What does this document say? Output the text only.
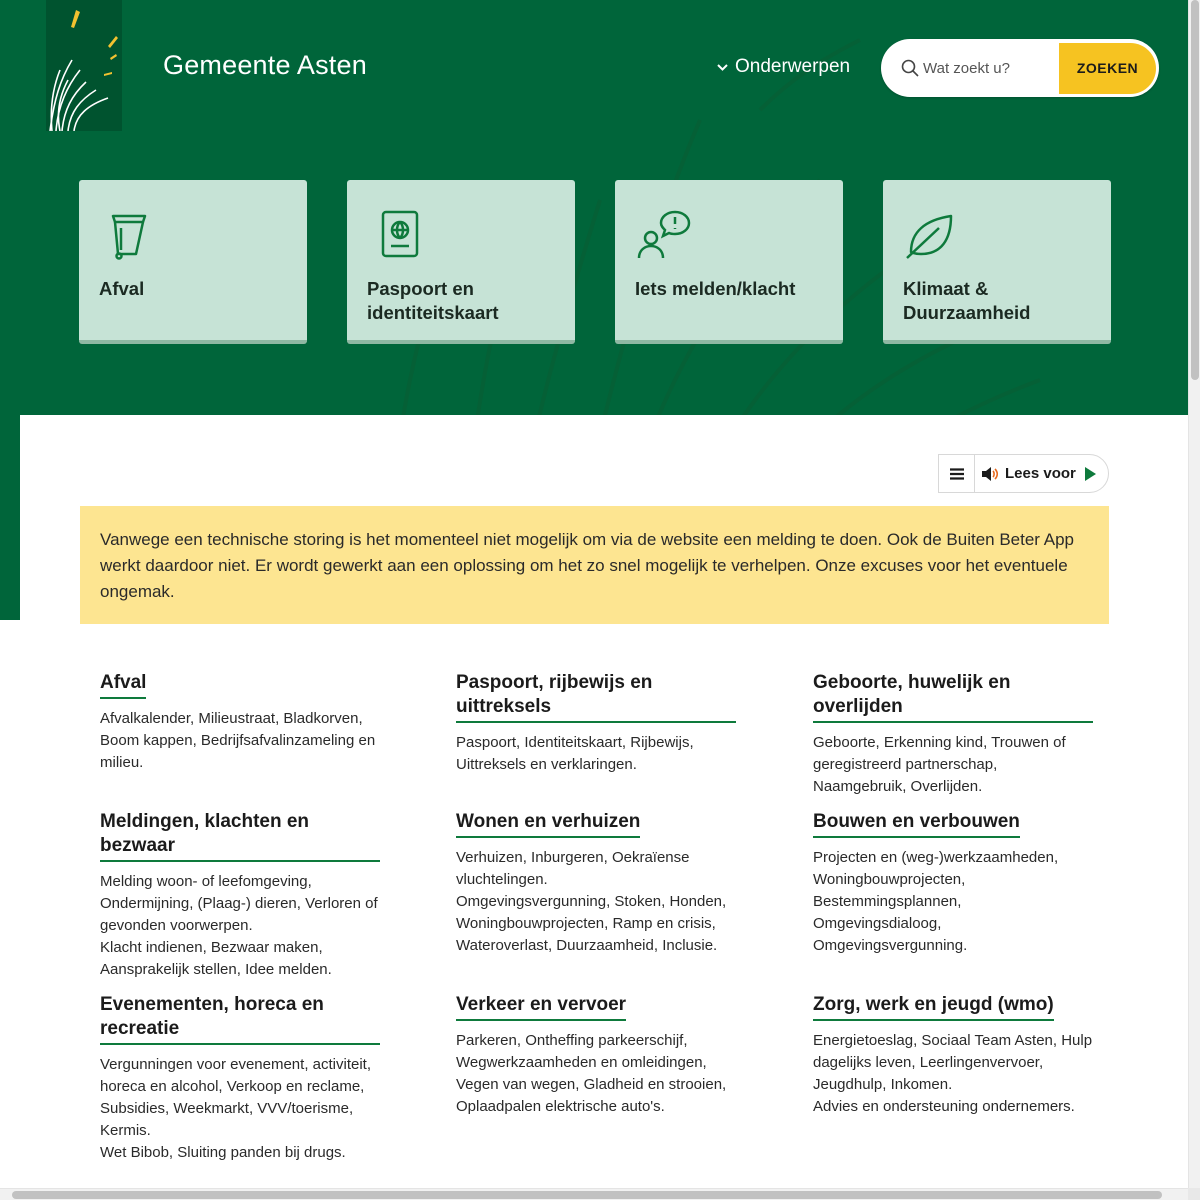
Gemeente Asten	Onderwerpen
Wat zoekt u?	ZOEKEN
Afval	Paspoort en identiteitskaart
Iets melden/klacht	Klimaat & Duurzaamheid
Lees voor
Vanwege een technische storing is het momenteel niet mogelijk om via de website een melding te doen. Ook de Buiten Beter App werkt daardoor niet. Er wordt gewerkt aan een oplossing om het zo snel mogelijk te verhelpen. Onze excuses voor het eventuele ongemak.
Afval
Afvalkalender, Milieustraat, Bladkorven, Boom kappen, Bedrijfsafvalinzameling en milieu.
Paspoort, rijbewijs en uittreksels
Paspoort, Identiteitskaart, Rijbewijs, Uittreksels en verklaringen.
Geboorte, huwelijk en overlijden
Geboorte, Erkenning kind, Trouwen of geregistreerd partnerschap, Naamgebruik, Overlijden.
Meldingen, klachten en bezwaar
Melding woon- of leefomgeving, Ondermijning, (Plaag-) dieren, Verloren of gevonden voorwerpen.
Klacht indienen, Bezwaar maken, Aansprakelijk stellen, Idee melden.
Wonen en verhuizen
Verhuizen, Inburgeren, Oekraïense vluchtelingen.
Omgevingsvergunning, Stoken, Honden, Woningbouwprojecten, Ramp en crisis, Wateroverlast, Duurzaamheid, Inclusie.
Bouwen en verbouwen
Projecten en (weg-)werkzaamheden, Woningbouwprojecten, Bestemmingsplannen, Omgevingsdialoog, Omgevingsvergunning.
Evenementen, horeca en recreatie
Vergunningen voor evenement, activiteit, horeca en alcohol, Verkoop en reclame, Subsidies, Weekmarkt, VVV/toerisme, Kermis.
Wet Bibob, Sluiting panden bij drugs.
Verkeer en vervoer
Parkeren, Ontheffing parkeerschijf, Wegwerkzaamheden en omleidingen, Vegen van wegen, Gladheid en strooien, Oplaadpalen elektrische auto's.
Zorg, werk en jeugd (wmo)
Energietoeslag, Sociaal Team Asten, Hulp dagelijks leven, Leerlingenvervoer, Jeugdhulp, Inkomen.
Advies en ondersteuning ondernemers.
